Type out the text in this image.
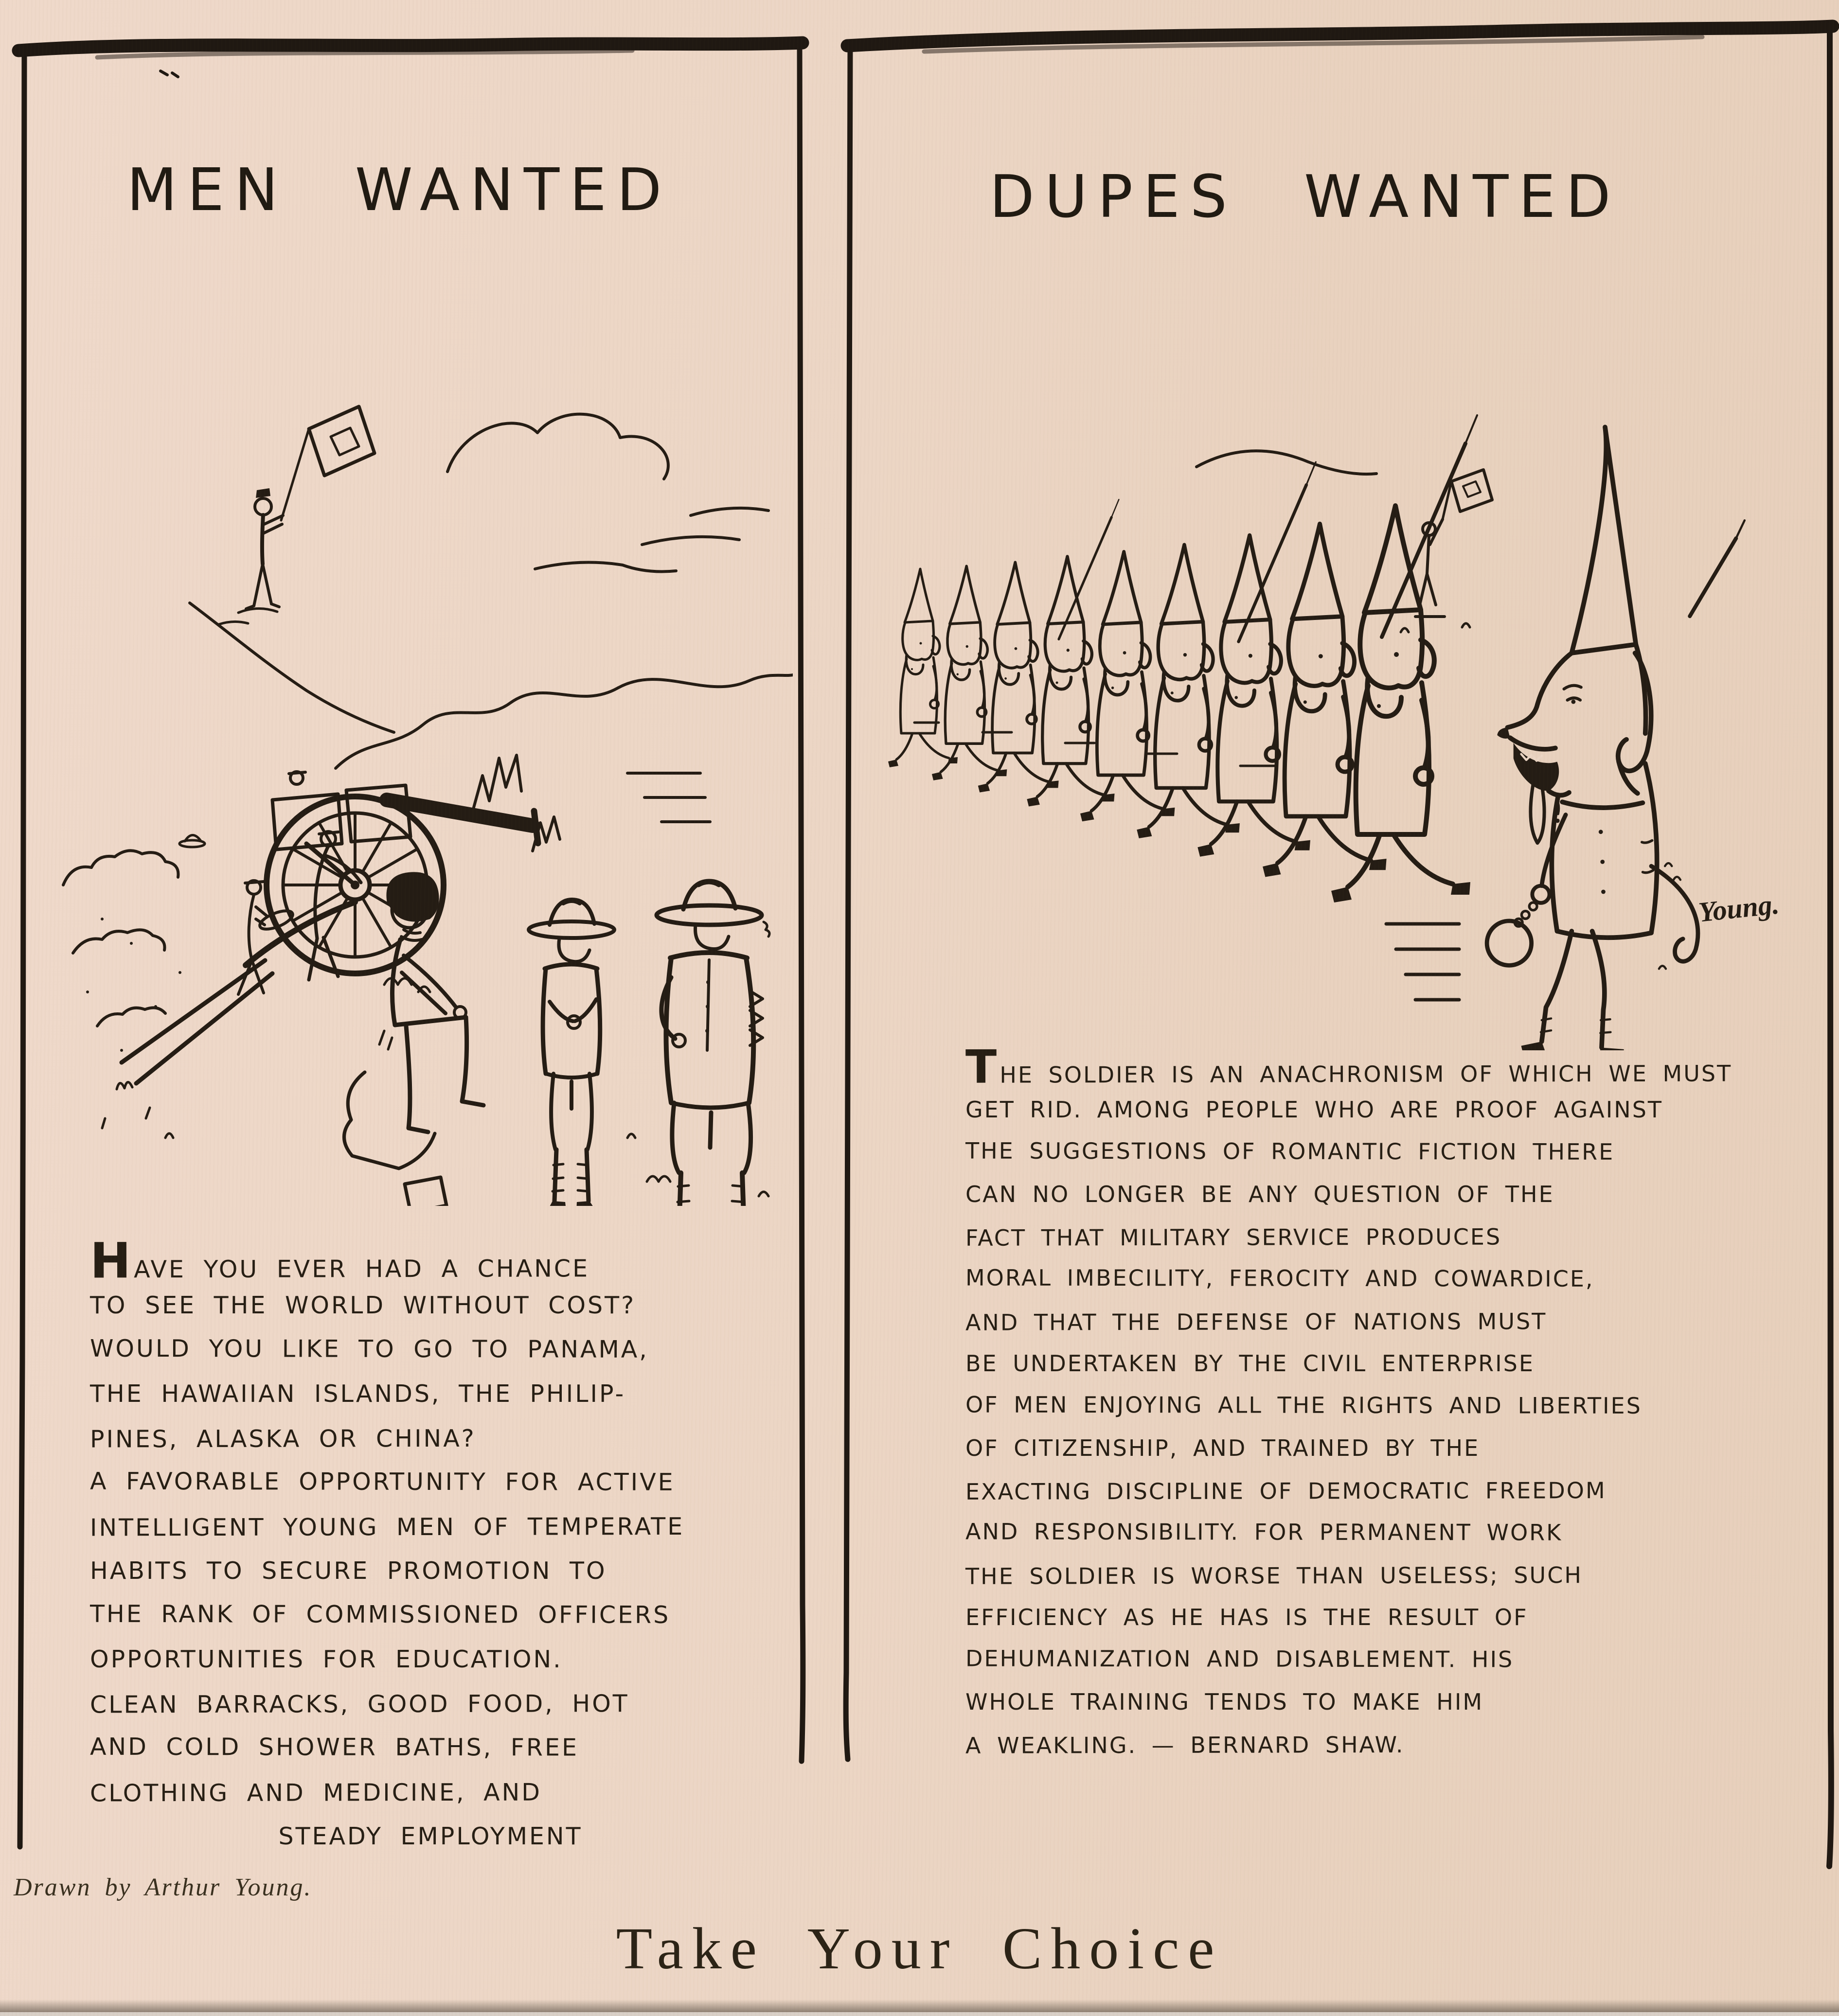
MEN WANTED	DUPES WANTED
Young.
HAVE YOU EVER HAD A CHANCE
TO SEE THE WORLD WITHOUT COST?
WOULD YOU LIKE TO GO TO PANAMA,
THE HAWAIIAN ISLANDS, THE PHILIP-
PINES, ALASKA OR CHINA?
A FAVORABLE OPPORTUNITY FOR ACTIVE
INTELLIGENT YOUNG MEN OF TEMPERATE
HABITS TO SECURE PROMOTION TO
THE RANK OF COMMISSIONED OFFICERS
OPPORTUNITIES FOR EDUCATION.
CLEAN BARRACKS, GOOD FOOD, HOT
AND COLD SHOWER BATHS, FREE
CLOTHING AND MEDICINE, AND
STEADY EMPLOYMENT
THE SOLDIER IS AN ANACHRONISM OF WHICH WE MUST
GET RID. AMONG PEOPLE WHO ARE PROOF AGAINST
THE SUGGESTIONS OF ROMANTIC FICTION THERE
CAN NO LONGER BE ANY QUESTION OF THE
FACT THAT MILITARY SERVICE PRODUCES
MORAL IMBECILITY, FEROCITY AND COWARDICE,
AND THAT THE DEFENSE OF NATIONS MUST
BE UNDERTAKEN BY THE CIVIL ENTERPRISE
OF MEN ENJOYING ALL THE RIGHTS AND LIBERTIES
OF CITIZENSHIP, AND TRAINED BY THE
EXACTING DISCIPLINE OF DEMOCRATIC FREEDOM
AND RESPONSIBILITY. FOR PERMANENT WORK
THE SOLDIER IS WORSE THAN USELESS; SUCH
EFFICIENCY AS HE HAS IS THE RESULT OF
DEHUMANIZATION AND DISABLEMENT. HIS
WHOLE TRAINING TENDS TO MAKE HIM
A WEAKLING. — BERNARD SHAW.
Drawn by Arthur Young.
Take Your Choice
